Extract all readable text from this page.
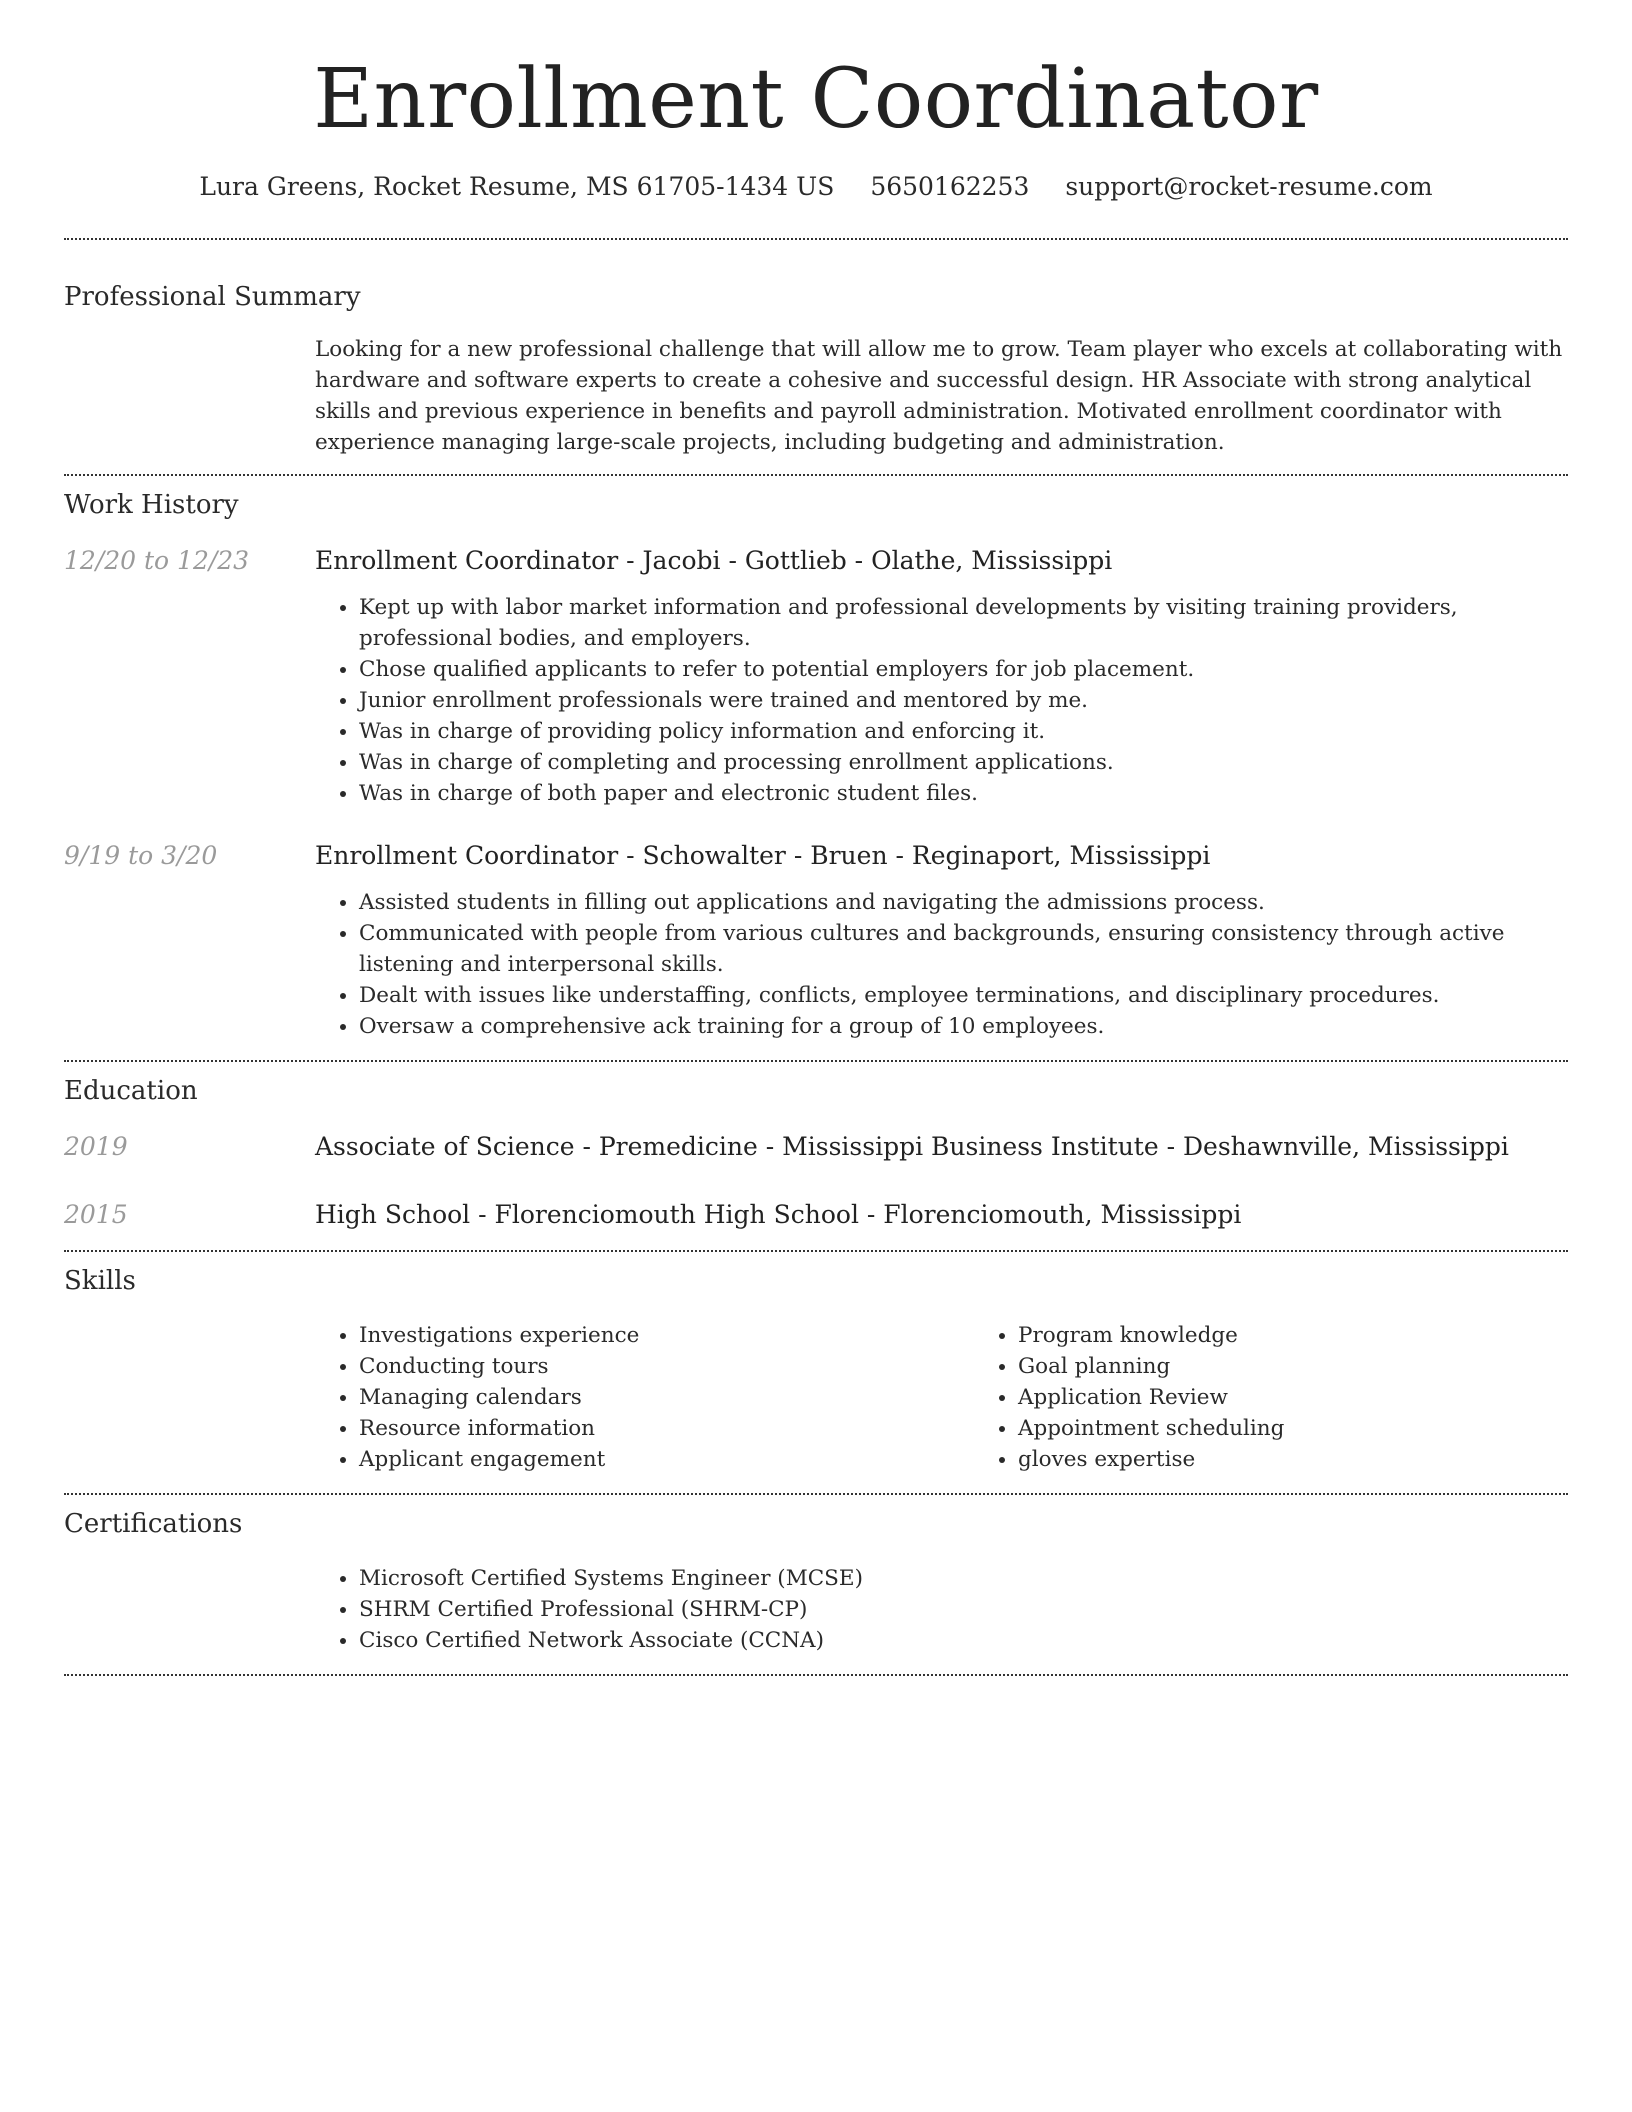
Enrollment Coordinator
Lura Greens, Rocket Resume, MS 61705-1434 US 5650162253 support@rocket-resume.com
Professional Summary

Looking for a new professional challenge that will allow me to grow. Team player who excels at collaborating with hardware and software experts to create a cohesive and successful design. HR Associate with strong analytical skills and previous experience in benefits and payroll administration. Motivated enrollment coordinator with experience managing large-scale projects, including budgeting and administration.

Work History
12/20 to 12/23	Enrollment Coordinator - Jacobi - Gottlieb - Olathe, Mississippi
• Kept up with labor market information and professional developments by visiting training providers, professional bodies, and employers.
• Chose qualified applicants to refer to potential employers for job placement.
• Junior enrollment professionals were trained and mentored by me.
• Was in charge of providing policy information and enforcing it.
• Was in charge of completing and processing enrollment applications.
• Was in charge of both paper and electronic student files.
9/19 to 3/20	Enrollment Coordinator - Schowalter - Bruen - Reginaport, Mississippi
• Assisted students in filling out applications and navigating the admissions process.
• Communicated with people from various cultures and backgrounds, ensuring consistency through active listening and interpersonal skills.
• Dealt with issues like understaffing, conflicts, employee terminations, and disciplinary procedures.
• Oversaw a comprehensive ack training for a group of 10 employees.
Education
2019	Associate of Science - Premedicine - Mississippi Business Institute - Deshawnville, Mississippi
2015	High School - Florenciomouth High School - Florenciomouth, Mississippi
Skills
• Investigations experience
• Conducting tours
• Managing calendars
• Resource information
• Applicant engagement
• Program knowledge
• Goal planning
• Application Review
• Appointment scheduling
• gloves expertise
Certifications
• Microsoft Certified Systems Engineer (MCSE)
• SHRM Certified Professional (SHRM-CP)
• Cisco Certified Network Associate (CCNA)
